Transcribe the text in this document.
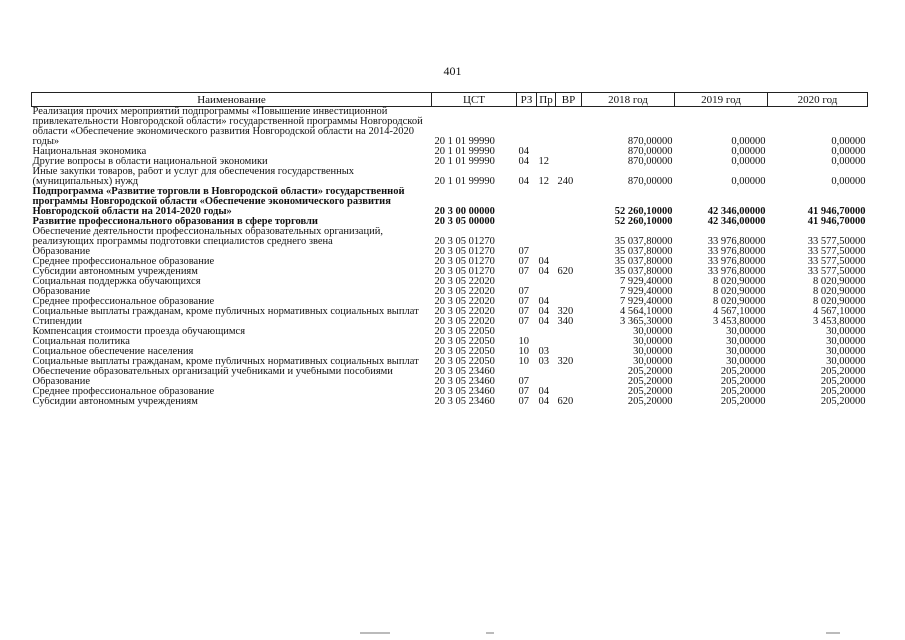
401
Наименование	ЦСТ	РЗ	Пр	ВР	2018 год	2019 год	2020 год
Реализация прочих мероприятий подпрограммы «Повышение инвестиционной привлекательности Новгородской области» государственной программы Новгородской области «Обеспечение экономического развития Новгородской области на 2014-2020 годы»	20 1 01 99990				870,00000	0,00000	0,00000
Национальная экономика	20 1 01 99990	04			870,00000	0,00000	0,00000
Другие вопросы в области национальной экономики	20 1 01 99990	04	12		870,00000	0,00000	0,00000
Иные закупки товаров, работ и услуг для обеспечения государственных (муниципальных) нужд	20 1 01 99990	04	12	240	870,00000	0,00000	0,00000
Подпрограмма «Развитие торговли в Новгородской области» государственной программы Новгородской области «Обеспечение экономического развития Новгородской области на 2014-2020 годы»	20 3 00 00000				52 260,10000	42 346,00000	41 946,70000
Развитие профессионального образования в сфере торговли	20 3 05 00000				52 260,10000	42 346,00000	41 946,70000
Обеспечение деятельности профессиональных образовательных организаций, реализующих программы подготовки специалистов среднего звена	20 3 05 01270				35 037,80000	33 976,80000	33 577,50000
Образование	20 3 05 01270	07			35 037,80000	33 976,80000	33 577,50000
Среднее профессиональное образование	20 3 05 01270	07	04		35 037,80000	33 976,80000	33 577,50000
Субсидии автономным учреждениям	20 3 05 01270	07	04	620	35 037,80000	33 976,80000	33 577,50000
Социальная поддержка обучающихся	20 3 05 22020				7 929,40000	8 020,90000	8 020,90000
Образование	20 3 05 22020	07			7 929,40000	8 020,90000	8 020,90000
Среднее профессиональное образование	20 3 05 22020	07	04		7 929,40000	8 020,90000	8 020,90000
Социальные выплаты гражданам, кроме публичных нормативных социальных выплат	20 3 05 22020	07	04	320	4 564,10000	4 567,10000	4 567,10000
Стипендии	20 3 05 22020	07	04	340	3 365,30000	3 453,80000	3 453,80000
Компенсация стоимости проезда обучающимся	20 3 05 22050				30,00000	30,00000	30,00000
Социальная политика	20 3 05 22050	10			30,00000	30,00000	30,00000
Социальное обеспечение населения	20 3 05 22050	10	03		30,00000	30,00000	30,00000
Социальные выплаты гражданам, кроме публичных нормативных социальных выплат	20 3 05 22050	10	03	320	30,00000	30,00000	30,00000
Обеспечение образовательных организаций учебниками и учебными пособиями	20 3 05 23460				205,20000	205,20000	205,20000
Образование	20 3 05 23460	07			205,20000	205,20000	205,20000
Среднее профессиональное образование	20 3 05 23460	07	04		205,20000	205,20000	205,20000
Субсидии автономным учреждениям	20 3 05 23460	07	04	620	205,20000	205,20000	205,20000
